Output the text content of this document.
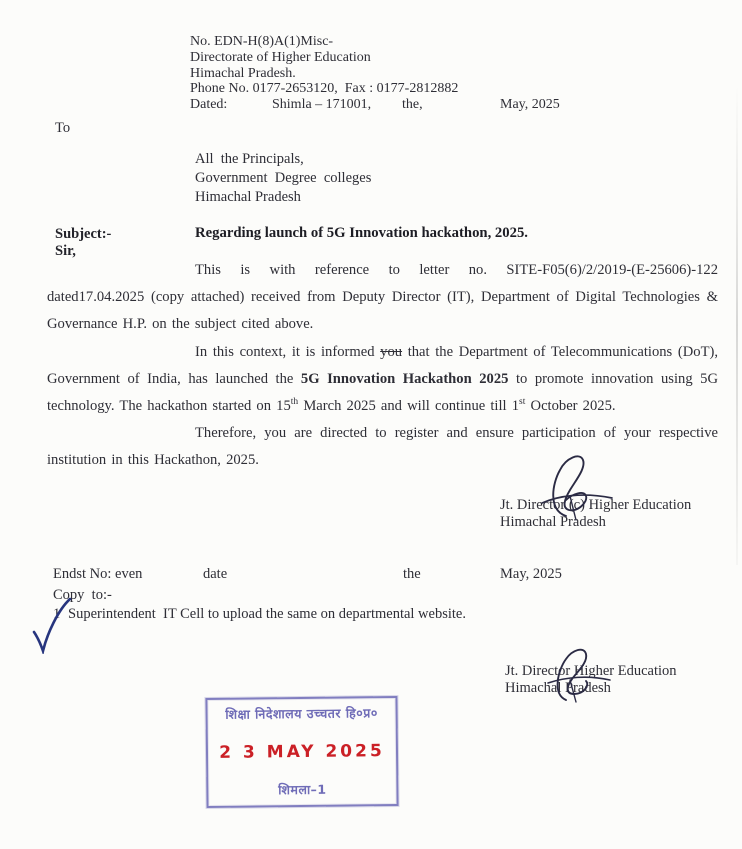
No. EDN-H(8)A(1)Misc-
Directorate of Higher Education
Himachal Pradesh.
Phone No. 0177-2653120,  Fax : 0177-2812882
Dated:	Shimla – 171001, the,	May, 2025
To
All  the Principals,
Government  Degree  colleges
Himachal Pradesh
Subject:-	Regarding launch of 5G Innovation hackathon, 2025.
Sir,

This is with reference to letter no. SITE-F05(6)/2/2019-(E-25606)-122 dated17.04.2025 (copy attached) received from Deputy Director (IT), Department of Digital Technologies & Governance H.P. on the subject cited above.

In this context, it is informed you that the Department of Telecommunications (DoT), Government of India, has launched the 5G Innovation Hackathon 2025 to promote innovation using 5G technology. The hackathon started on 15th March 2025 and will continue till 1st October 2025.

Therefore, you are directed to register and ensure participation of your respective institution in this Hackathon, 2025.

Jt. Director (c) Higher Education
Himachal Pradesh
Endst No: even	date	the	May, 2025
Copy  to:-
1 Superintendent  IT Cell to upload the same on departmental website.
Jt. Director Higher Education
Himachal Pradesh
शिक्षा निदेशालय उच्चतर हि०प्र०
2 3 MAY 2025
शिमला–1
